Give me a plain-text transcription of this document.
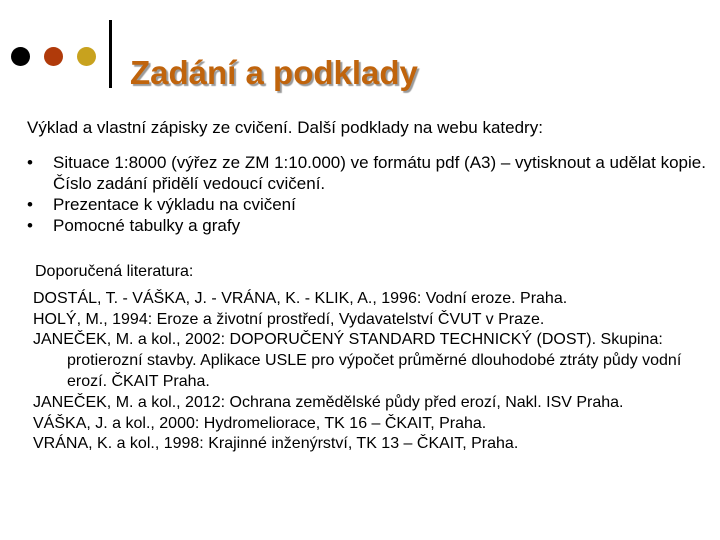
Zadání a podklady

Výklad a vlastní zápisky ze cvičení. Další podklady na webu katedry:

• Situace 1:8000 (výřez ze ZM 1:10.000) ve formátu pdf (A3) – vytisknout a udělat kopie. Číslo zadání přidělí vedoucí cvičení.
• Prezentace k výkladu na cvičení
• Pomocné tabulky a grafy

Doporučená literatura:

DOSTÁL, T. - VÁŠKA, J. - VRÁNA, K. - KLIK, A., 1996: Vodní eroze. Praha.

HOLÝ, M., 1994: Eroze a životní prostředí, Vydavatelství ČVUT v Praze.

JANEČEK, M. a kol., 2002: DOPORUČENÝ STANDARD TECHNICKÝ (DOST). Skupina: protierozní stavby. Aplikace USLE pro výpočet průměrné dlouhodobé ztráty půdy vodní erozí. ČKAIT Praha.

JANEČEK, M. a kol., 2012: Ochrana zemědělské půdy před erozí, Nakl. ISV Praha.

VÁŠKA, J. a kol., 2000: Hydromeliorace, TK 16 – ČKAIT, Praha.

VRÁNA, K. a kol., 1998: Krajinné inženýrství, TK 13 – ČKAIT, Praha.
